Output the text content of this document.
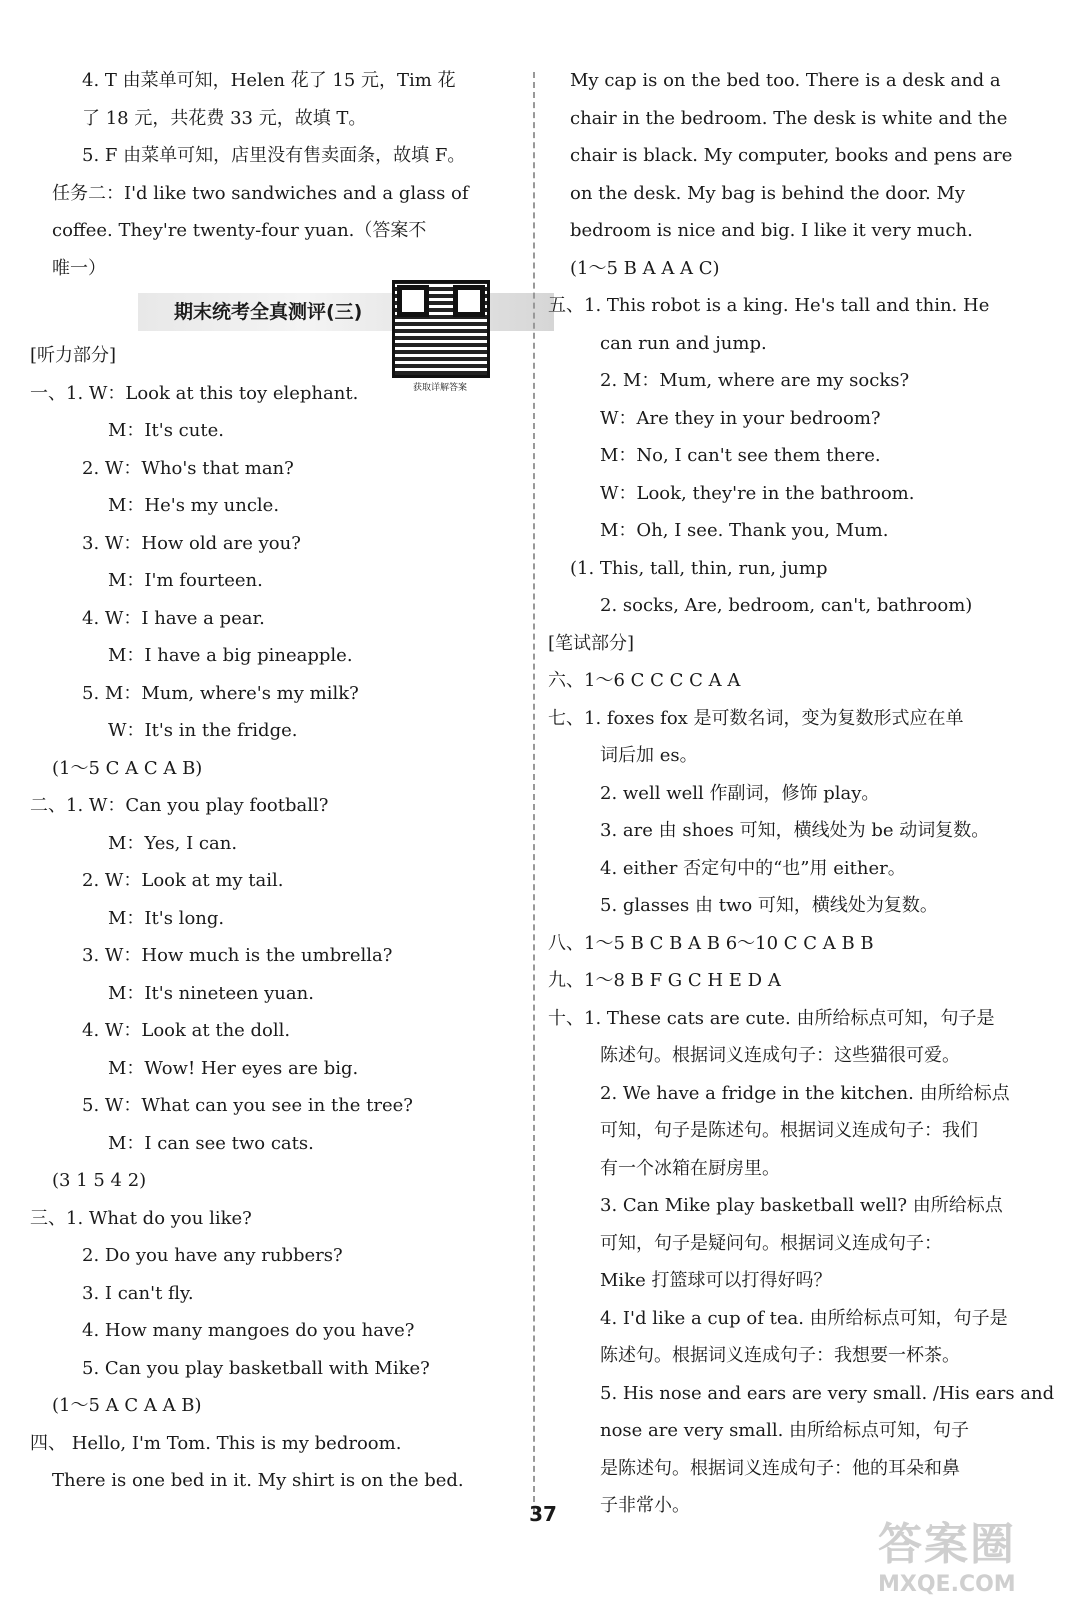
4. T 由菜单可知，Helen 花了 15 元，Tim 花
了 18 元，共花费 33 元，故填 T。
5. F 由菜单可知，店里没有售卖面条，故填 F。
任务二：I'd like two sandwiches and a glass of
coffee. They're twenty-four yuan.（答案不
唯一）
期末统考全真测评(三)
[听力部分]
一、1. W：Look at this toy elephant.
M：It's cute.
2. W：Who's that man?
M：He's my uncle.
3. W：How old are you?
M：I'm fourteen.
4. W：I have a pear.
M：I have a big pineapple.
5. M：Mum, where's my milk?
W：It's in the fridge.
(1～5 C A C A B)
二、1. W：Can you play football?
M：Yes, I can.
2. W：Look at my tail.
M：It's long.
3. W：How much is the umbrella?
M：It's nineteen yuan.
4. W：Look at the doll.
M：Wow! Her eyes are big.
5. W：What can you see in the tree?
M：I can see two cats.
(3 1 5 4 2)
三、1. What do you like?
2. Do you have any rubbers?
3. I can't fly.
4. How many mangoes do you have?
5. Can you play basketball with Mike?
(1～5 A C A A B)
四、 Hello, I'm Tom. This is my bedroom.
There is one bed in it. My shirt is on the bed.
获取详解答案
My cap is on the bed too. There is a desk and a
chair in the bedroom. The desk is white and the
chair is black. My computer, books and pens are
on the desk. My bag is behind the door. My
bedroom is nice and big. I like it very much.
(1～5 B A A A C)
五、1. This robot is a king. He's tall and thin. He
can run and jump.
2. M：Mum, where are my socks?
W：Are they in your bedroom?
M：No, I can't see them there.
W：Look, they're in the bathroom.
M：Oh, I see. Thank you, Mum.
(1. This, tall, thin, run, jump
2. socks, Are, bedroom, can't, bathroom)
[笔试部分]
六、1～6 C C C C A A
七、1. foxes fox 是可数名词，变为复数形式应在单
词后加 es。
2. well well 作副词，修饰 play。
3. are 由 shoes 可知，横线处为 be 动词复数。
4. either 否定句中的“也”用 either。
5. glasses 由 two 可知，横线处为复数。
八、1～5 B C B A B 6～10 C C A B B
九、1～8 B F G C H E D A
十、1. These cats are cute. 由所给标点可知，句子是
陈述句。根据词义连成句子：这些猫很可爱。
2. We have a fridge in the kitchen. 由所给标点
可知，句子是陈述句。根据词义连成句子：我们
有一个冰箱在厨房里。
3. Can Mike play basketball well? 由所给标点
可知，句子是疑问句。根据词义连成句子：
Mike 打篮球可以打得好吗？
4. I'd like a cup of tea. 由所给标点可知，句子是
陈述句。根据词义连成句子：我想要一杯茶。
5. His nose and ears are very small. /His ears and
nose are very small. 由所给标点可知，句子
是陈述句。根据词义连成句子：他的耳朵和鼻
子非常小。
37
答案圈
MXQE.COM
